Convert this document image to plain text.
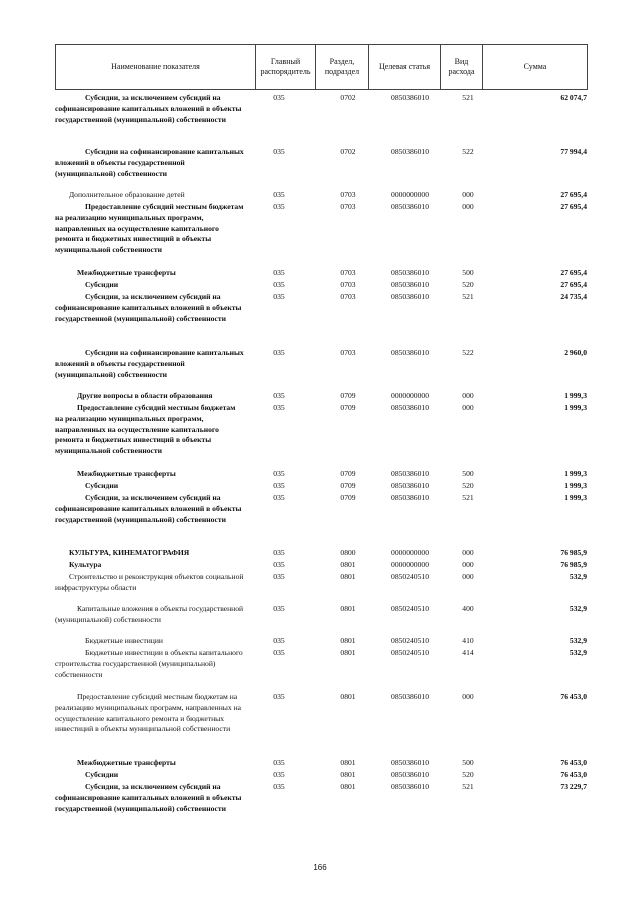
Наименование показателя	Главный распорядитель	Раздел, подраздел	Целевая статья	Вид расхода	Сумма
Субсидии, за исключением субсидий на софинансирование капитальных вложений в объекты государственной (муниципальной) собственности
035	0702	0850386010	521	62 074,7
Субсидии на софинансирование капитальных вложений в объекты государственной (муниципальной) собственности
035	0702	0850386010	522	77 994,4
Дополнительное образование детей	035	0703	0000000000	000	27 695,4
Предоставление субсидий местным бюджетам на реализацию муниципальных программ, направленных на осуществление капитального ремонта и бюджетных инвестиций в объекты муниципальной собственности
035	0703	0850386010	000	27 695,4
Межбюджетные трансферты	035	0703	0850386010	500	27 695,4
Субсидии	035	0703	0850386010	520	27 695,4
Субсидии, за исключением субсидий на софинансирование капитальных вложений в объекты государственной (муниципальной) собственности
035	0703	0850386010	521	24 735,4
Субсидии на софинансирование капитальных вложений в объекты государственной (муниципальной) собственности
035	0703	0850386010	522	2 960,0
Другие вопросы в области образования	035	0709	0000000000	000	1 999,3
Предоставление субсидий местным бюджетам на реализацию муниципальных программ, направленных на осуществление капитального ремонта и бюджетных инвестиций в объекты муниципальной собственности
035	0709	0850386010	000	1 999,3
Межбюджетные трансферты	035	0709	0850386010	500	1 999,3
Субсидии	035	0709	0850386010	520	1 999,3
Субсидии, за исключением субсидий на софинансирование капитальных вложений в объекты государственной (муниципальной) собственности
035	0709	0850386010	521	1 999,3
КУЛЬТУРА, КИНЕМАТОГРАФИЯ	035	0800	0000000000	000	76 985,9
Культура	035	0801	0000000000	000	76 985,9
Строительство и реконструкция объектов социальной инфраструктуры области
035	0801	0850240510	000	532,9
Капитальные вложения в объекты государственной (муниципальной) собственности
035	0801	0850240510	400	532,9
Бюджетные инвестиции	035	0801	0850240510	410	532,9
Бюджетные инвестиции в объекты капитального строительства государственной (муниципальной) собственности
035	0801	0850240510	414	532,9
Предоставление субсидий местным бюджетам на реализацию муниципальных программ, направленных на осуществление капитального ремонта и бюджетных инвестиций в объекты муниципальной собственности
035	0801	0850386010	000	76 453,0
Межбюджетные трансферты	035	0801	0850386010	500	76 453,0
Субсидии	035	0801	0850386010	520	76 453,0
Субсидии, за исключением субсидий на софинансирование капитальных вложений в объекты государственной (муниципальной) собственности
035	0801	0850386010	521	73 229,7
166
